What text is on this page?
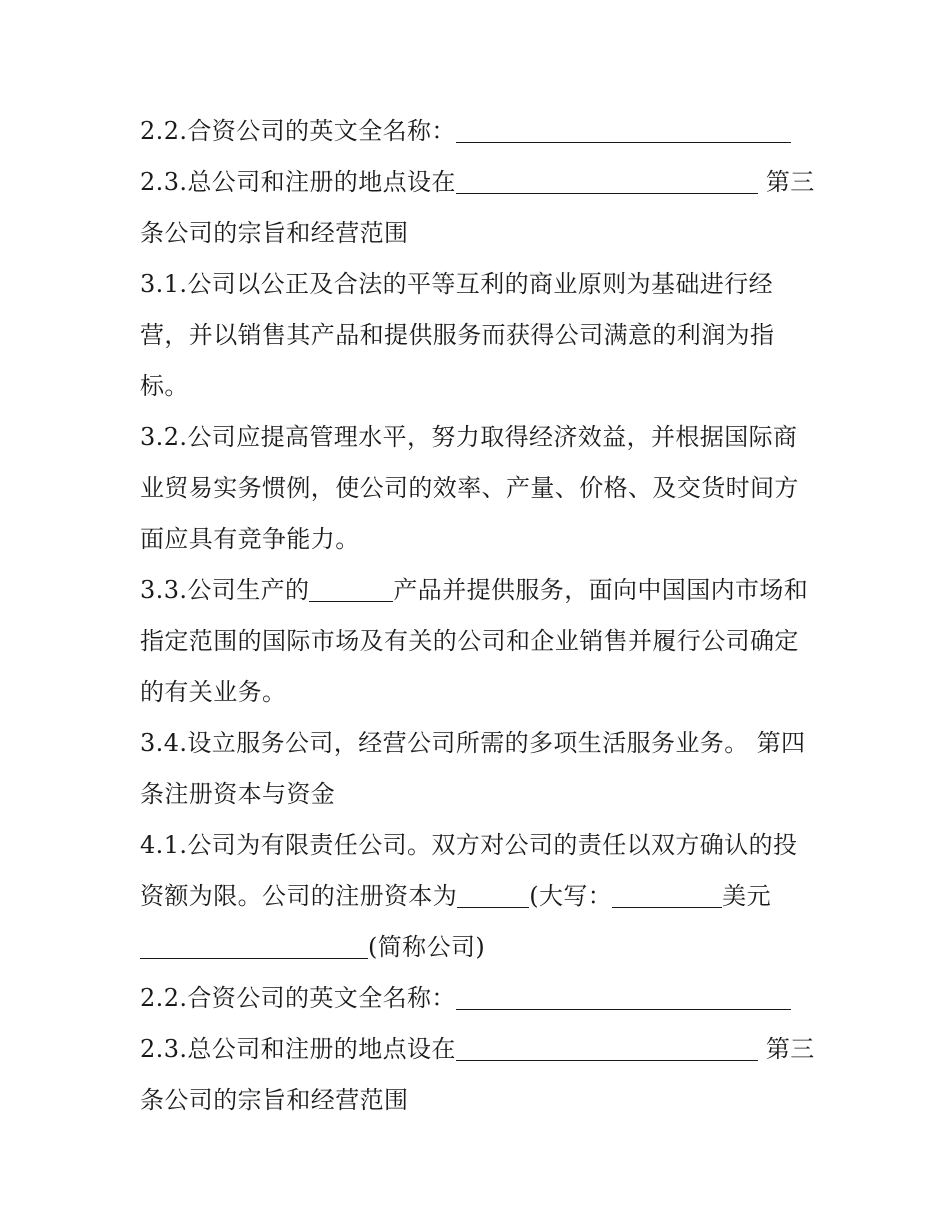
2.2.合资公司的英文全名称：
2.3.总公司和注册的地点设在	第三
条公司的宗旨和经营范围
3.1.公司以公正及合法的平等互利的商业原则为基础进行经
营，并以销售其产品和提供服务而获得公司满意的利润为指
标。
3.2.公司应提高管理水平，努力取得经济效益，并根据国际商
业贸易实务惯例，使公司的效率、产量、价格、及交货时间方
面应具有竞争能力。
3.3.公司生产的	产品并提供服务，面向中国国内市场和
指定范围的国际市场及有关的公司和企业销售并履行公司确定
的有关业务。
3.4.设立服务公司，经营公司所需的多项生活服务业务。 第四
条注册资本与资金
4.1.公司为有限责任公司。双方对公司的责任以双方确认的投
资额为限。公司的注册资本为	(大写：	美元
(简称公司)
2.2.合资公司的英文全名称：
2.3.总公司和注册的地点设在	第三
条公司的宗旨和经营范围
